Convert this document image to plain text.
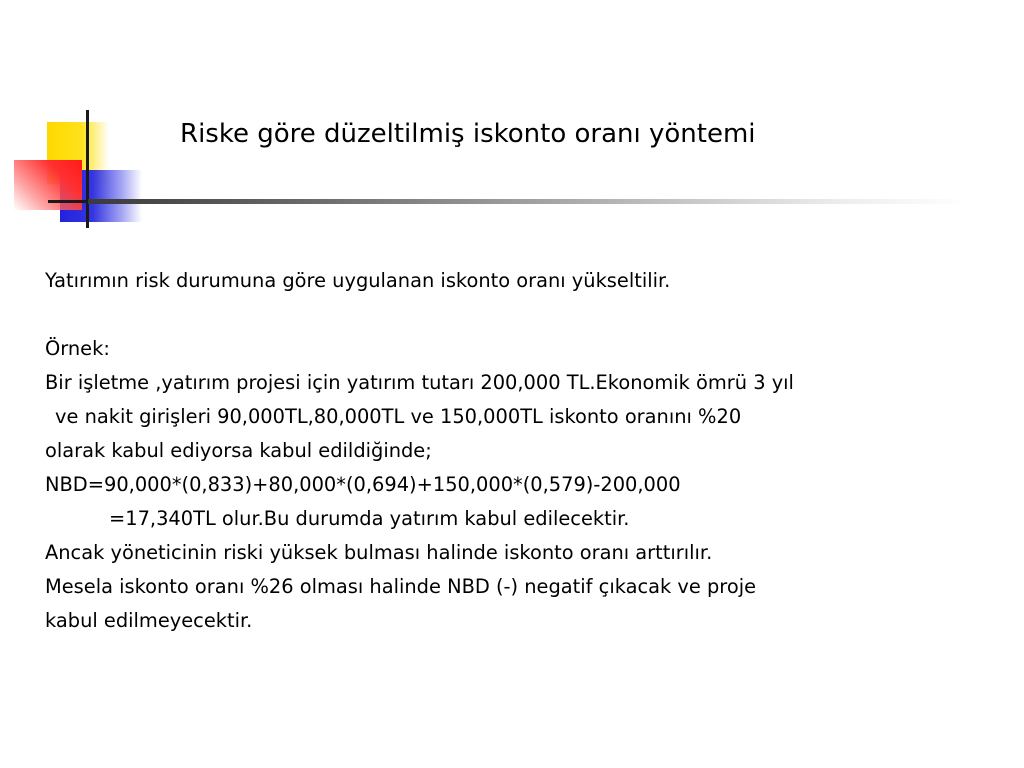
Riske göre düzeltilmiş iskonto oranı yöntemi
Yatırımın risk durumuna göre uygulanan iskonto oranı yükseltilir.
Örnek:
Bir işletme ,yatırım projesi için yatırım tutarı 200,000 TL.Ekonomik ömrü 3 yıl
ve nakit girişleri 90,000TL,80,000TL ve 150,000TL iskonto oranını %20
olarak kabul ediyorsa kabul edildiğinde;
NBD=90,000*(0,833)+80,000*(0,694)+150,000*(0,579)-200,000
=17,340TL olur.Bu durumda yatırım kabul edilecektir.
Ancak yöneticinin riski yüksek bulması halinde iskonto oranı arttırılır.
Mesela iskonto oranı %26 olması halinde NBD (-) negatif çıkacak ve proje
kabul edilmeyecektir.
